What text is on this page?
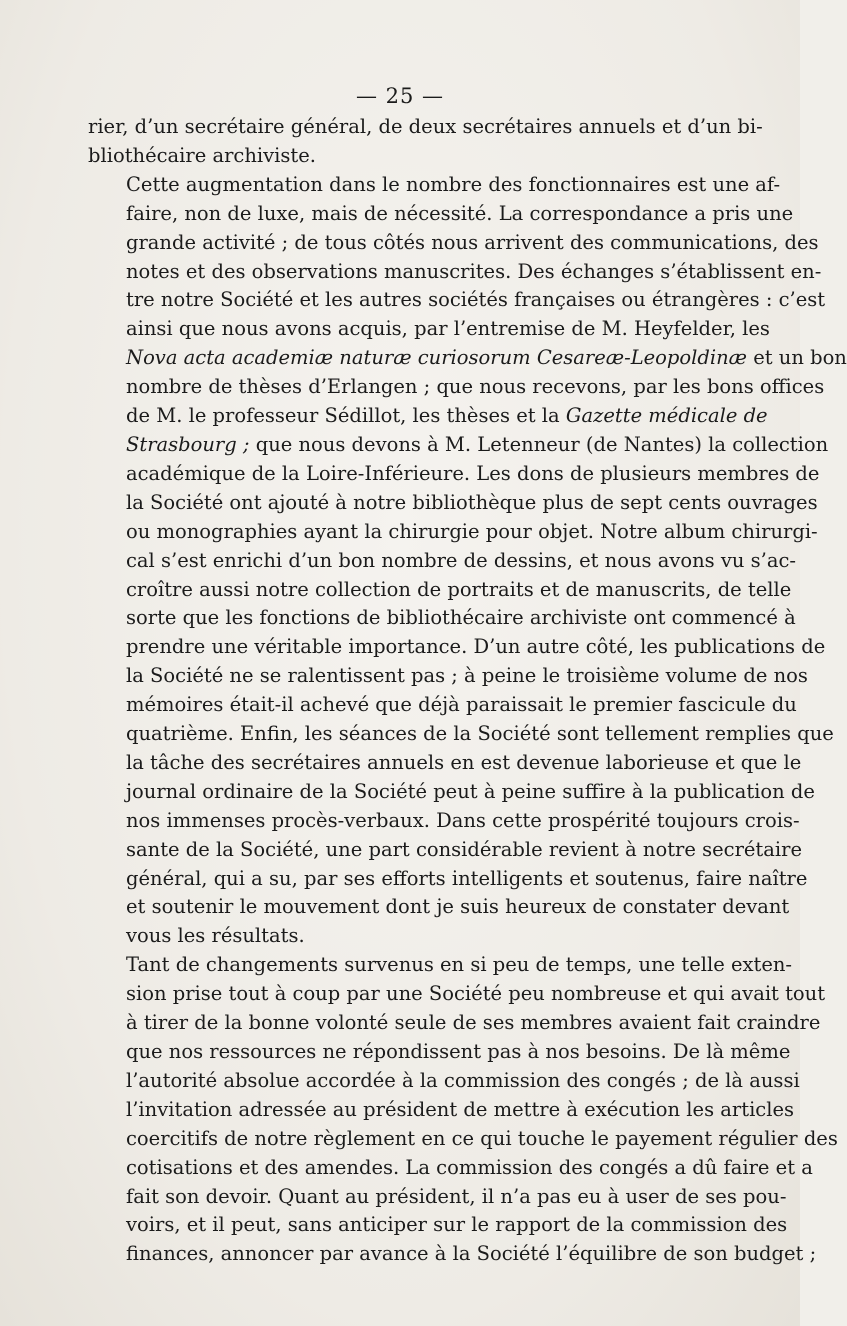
— 25 —
rier, d’un secrétaire général, de deux secrétaires annuels et d’un bi-
bliothécaire archiviste.
Cette augmentation dans le nombre des fonctionnaires est une af-
faire, non de luxe, mais de nécessité. La correspondance a pris une
grande activité ; de tous côtés nous arrivent des communications, des
notes et des observations manuscrites. Des échanges s’établissent en-
tre notre Société et les autres sociétés françaises ou étrangères : c’est
ainsi que nous avons acquis, par l’entremise de M. Heyfelder, les
Nova acta academiæ naturæ curiosorum Cesareæ-Leopoldinæ et un bon
nombre de thèses d’Erlangen ; que nous recevons, par les bons offices
de M. le professeur Sédillot, les thèses et la Gazette médicale de
Strasbourg ; que nous devons à M. Letenneur (de Nantes) la collection
académique de la Loire-Inférieure. Les dons de plusieurs membres de
la Société ont ajouté à notre bibliothèque plus de sept cents ouvrages
ou monographies ayant la chirurgie pour objet. Notre album chirurgi-
cal s’est enrichi d’un bon nombre de dessins, et nous avons vu s’ac-
croître aussi notre collection de portraits et de manuscrits, de telle
sorte que les fonctions de bibliothécaire archiviste ont commencé à
prendre une véritable importance. D’un autre côté, les publications de
la Société ne se ralentissent pas ; à peine le troisième volume de nos
mémoires était-il achevé que déjà paraissait le premier fascicule du
quatrième. Enfin, les séances de la Société sont tellement remplies que
la tâche des secrétaires annuels en est devenue laborieuse et que le
journal ordinaire de la Société peut à peine suffire à la publication de
nos immenses procès-verbaux. Dans cette prospérité toujours crois-
sante de la Société, une part considérable revient à notre secrétaire
général, qui a su, par ses efforts intelligents et soutenus, faire naître
et soutenir le mouvement dont je suis heureux de constater devant
vous les résultats.
Tant de changements survenus en si peu de temps, une telle exten-
sion prise tout à coup par une Société peu nombreuse et qui avait tout
à tirer de la bonne volonté seule de ses membres avaient fait craindre
que nos ressources ne répondissent pas à nos besoins. De là même
l’autorité absolue accordée à la commission des congés ; de là aussi
l’invitation adressée au président de mettre à exécution les articles
coercitifs de notre règlement en ce qui touche le payement régulier des
cotisations et des amendes. La commission des congés a dû faire et a
fait son devoir. Quant au président, il n’a pas eu à user de ses pou-
voirs, et il peut, sans anticiper sur le rapport de la commission des
finances, annoncer par avance à la Société l’équilibre de son budget ;
